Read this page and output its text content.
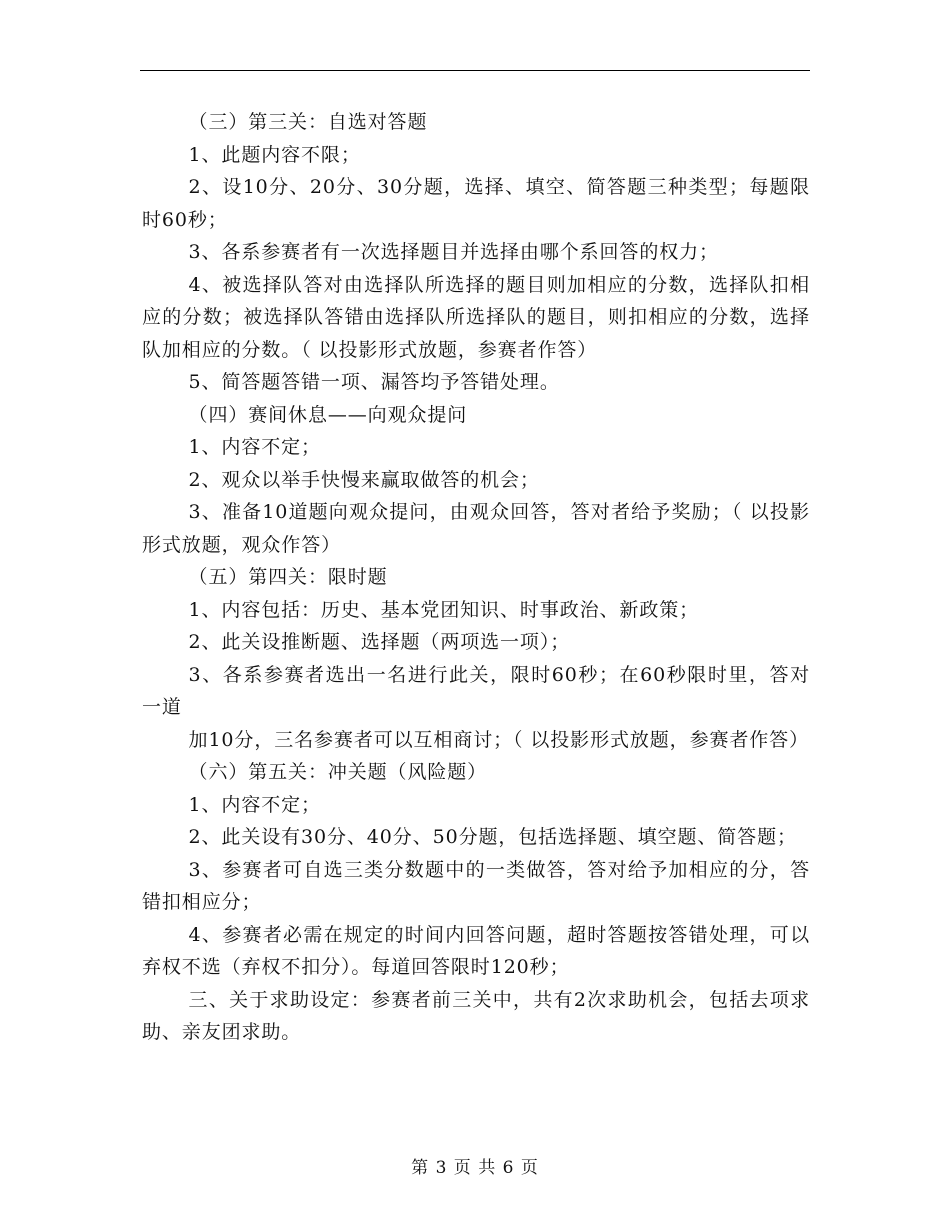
（三）第三关：自选对答题

1、此题内容不限；

2、设10分、20分、30分题，选择、填空、简答题三种类型；每题限时60秒；

3、各系参赛者有一次选择题目并选择由哪个系回答的权力；

4、被选择队答对由选择队所选择的题目则加相应的分数，选择队扣相应的分数；被选择队答错由选择队所选择队的题目，则扣相应的分数，选择队加相应的分数。（ 以投影形式放题，参赛者作答）

5、简答题答错一项、漏答均予答错处理。

（四）赛间休息——向观众提问

1、内容不定；

2、观众以举手快慢来赢取做答的机会；

3、准备10道题向观众提问，由观众回答，答对者给予奖励；（ 以投影形式放题，观众作答）

（五）第四关：限时题

1、内容包括：历史、基本党团知识、时事政治、新政策；

2、此关设推断题、选择题（两项选一项）；

3、各系参赛者选出一名进行此关，限时60秒；在60秒限时里，答对一道

加10分，三名参赛者可以互相商讨；（ 以投影形式放题，参赛者作答）

（六）第五关：冲关题（风险题）

1、内容不定；

2、此关设有30分、40分、50分题，包括选择题、填空题、简答题；

3、参赛者可自选三类分数题中的一类做答，答对给予加相应的分，答错扣相应分；

4、参赛者必需在规定的时间内回答问题，超时答题按答错处理，可以弃权不选（弃权不扣分）。每道回答限时120秒；

三、关于求助设定：参赛者前三关中，共有2次求助机会，包括去项求助、亲友团求助。

第 3 页 共 6 页
